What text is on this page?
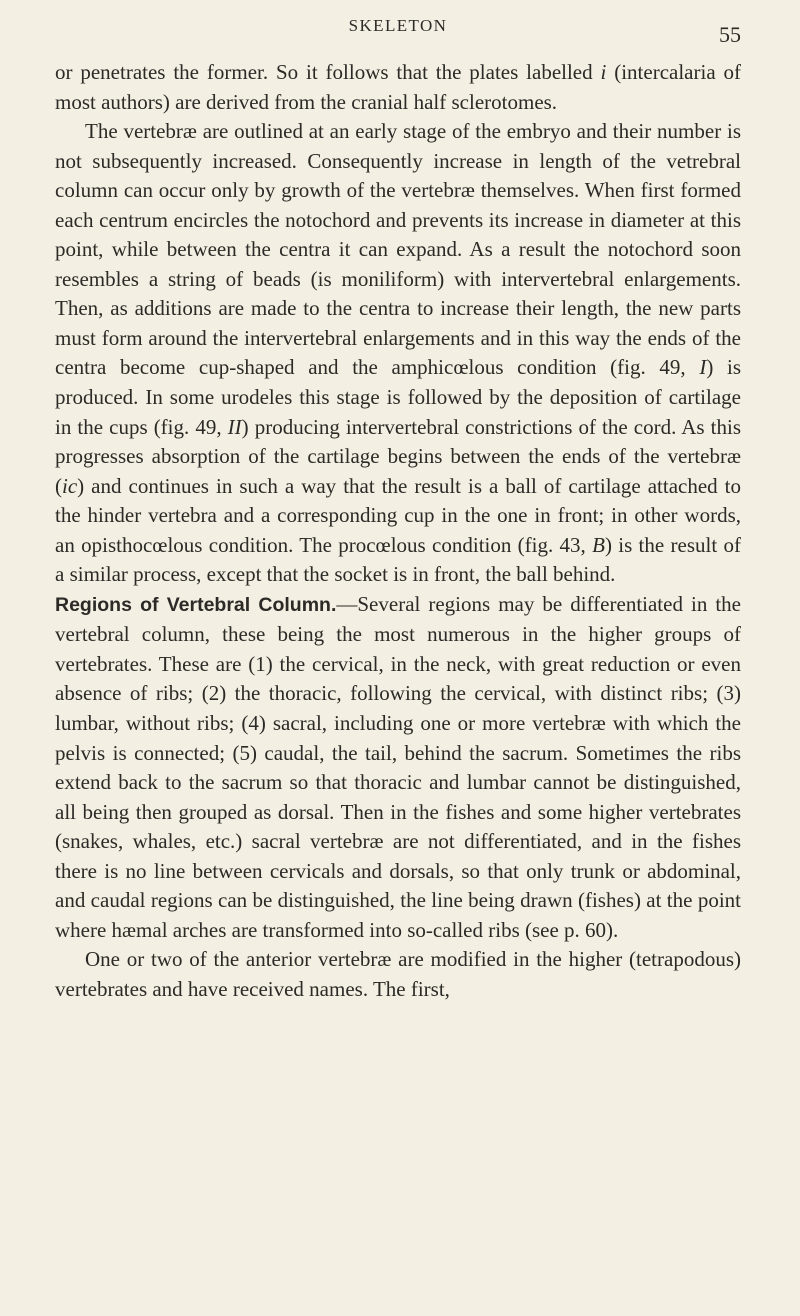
SKELETON	55

or penetrates the former. So it follows that the plates labelled i (intercalaria of most authors) are derived from the cranial half sclerotomes.

The vertebræ are outlined at an early stage of the embryo and their number is not subsequently increased. Consequently increase in length of the vetrebral column can occur only by growth of the vertebræ themselves. When first formed each centrum encircles the notochord and prevents its increase in diameter at this point, while between the centra it can expand. As a result the notochord soon resembles a string of beads (is moniliform) with intervertebral enlargements. Then, as additions are made to the centra to increase their length, the new parts must form around the intervertebral enlargements and in this way the ends of the centra become cup-shaped and the amphicœlous condition (fig. 49, I) is produced. In some urodeles this stage is followed by the deposition of cartilage in the cups (fig. 49, II) producing intervertebral constrictions of the cord. As this progresses absorption of the cartilage begins between the ends of the vertebræ (ic) and continues in such a way that the result is a ball of cartilage attached to the hinder vertebra and a corresponding cup in the one in front; in other words, an opisthocœlous condition. The procœlous condition (fig. 43, B) is the result of a similar process, except that the socket is in front, the ball behind.

Regions of Vertebral Column.—Several regions may be differentiated in the vertebral column, these being the most numerous in the higher groups of vertebrates. These are (1) the cervical, in the neck, with great reduction or even absence of ribs; (2) the thoracic, following the cervical, with distinct ribs; (3) lumbar, without ribs; (4) sacral, including one or more vertebræ with which the pelvis is connected; (5) caudal, the tail, behind the sacrum. Sometimes the ribs extend back to the sacrum so that thoracic and lumbar cannot be distinguished, all being then grouped as dorsal. Then in the fishes and some higher vertebrates (snakes, whales, etc.) sacral vertebræ are not differentiated, and in the fishes there is no line between cervicals and dorsals, so that only trunk or abdominal, and caudal regions can be distinguished, the line being drawn (fishes) at the point where hæmal arches are transformed into so-called ribs (see p. 60).

One or two of the anterior vertebræ are modified in the higher (tetrapodous) vertebrates and have received names. The first,
